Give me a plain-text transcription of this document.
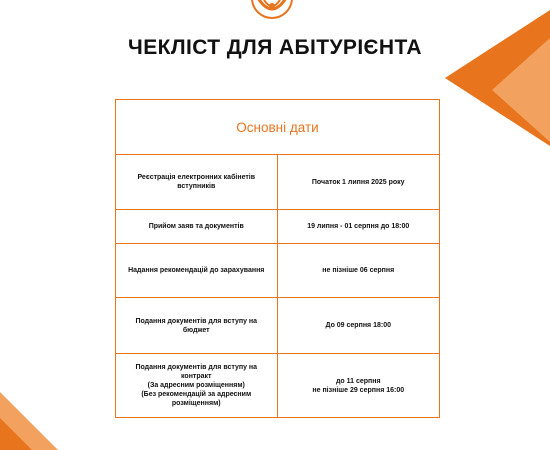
ЧЕКЛІСТ ДЛЯ АБІТУРІЄНТА
Основні дати
Реєстрація електронних кабінетів
вступників
Початок 1 липня 2025 року
Прийом заяв та документів	19 липня - 01 серпня до 18:00
Надання рекомендацій до зарахування	не пізніше 06 серпня
Подання документів для вступу на
бюджет
До 09 серпня 18:00
Подання документів для вступу на
контракт
(За адресним розміщенням)
(Без рекомендацій за адресним
розміщенням)
до 11 серпня
не пізніше 29 серпня 16:00
